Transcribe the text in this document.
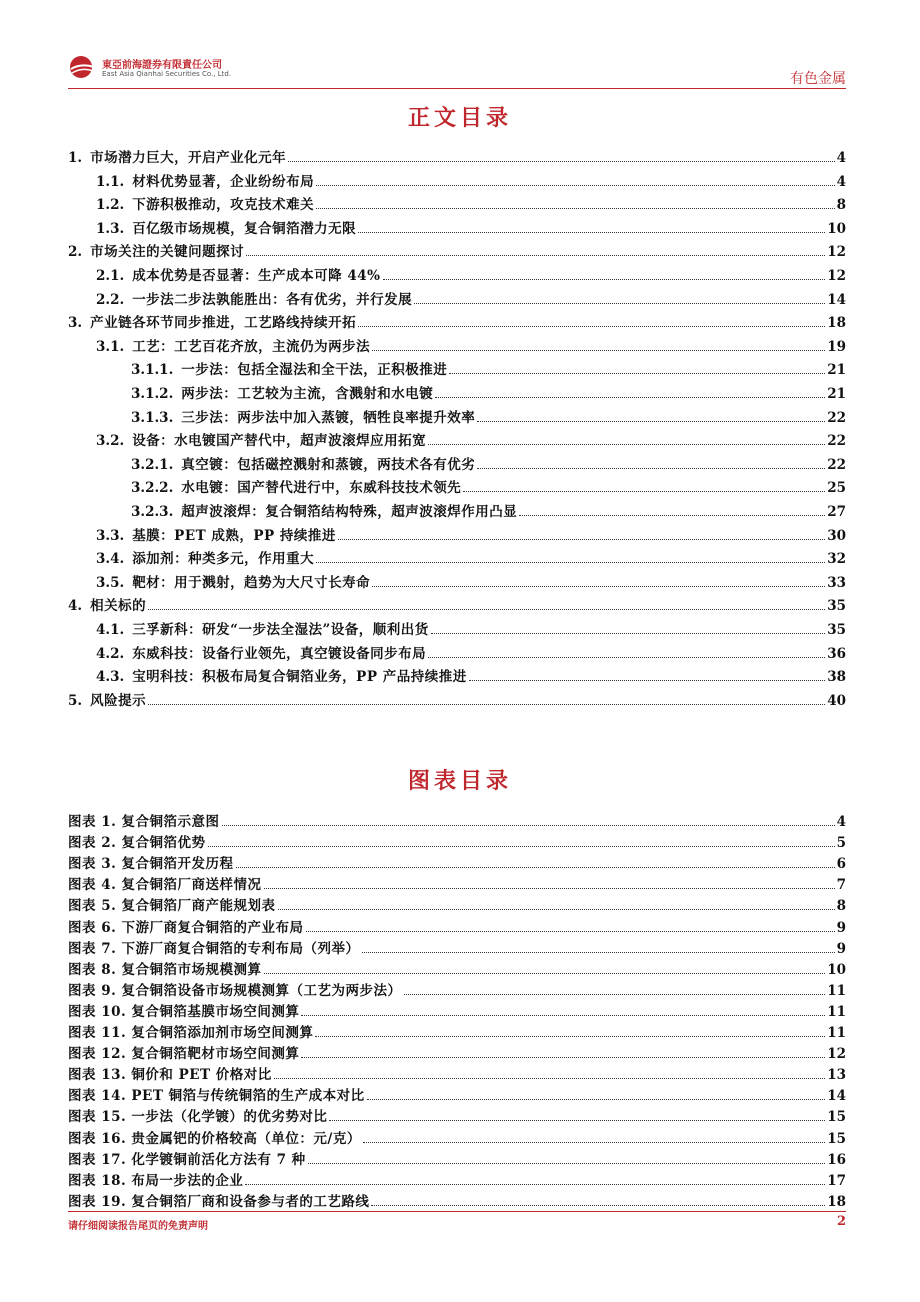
東亞前海證券有限責任公司
East Asia Qianhai Securities Co., Ltd.	有色金属
正文目录
1. 市场潜力巨大，开启产业化元年	4
1.1. 材料优势显著，企业纷纷布局	4
1.2. 下游积极推动，攻克技术难关	8
1.3. 百亿级市场规模，复合铜箔潜力无限	10
2. 市场关注的关键问题探讨	12
2.1. 成本优势是否显著：生产成本可降 44%	12
2.2. 一步法二步法孰能胜出：各有优劣，并行发展	14
3. 产业链各环节同步推进，工艺路线持续开拓	18
3.1. 工艺：工艺百花齐放，主流仍为两步法	19
3.1.1. 一步法：包括全湿法和全干法，正积极推进	21
3.1.2. 两步法：工艺较为主流，含溅射和水电镀	21
3.1.3. 三步法：两步法中加入蒸镀，牺牲良率提升效率	22
3.2. 设备：水电镀国产替代中，超声波滚焊应用拓宽	22
3.2.1. 真空镀：包括磁控溅射和蒸镀，两技术各有优劣	22
3.2.2. 水电镀：国产替代进行中，东威科技技术领先	25
3.2.3. 超声波滚焊：复合铜箔结构特殊，超声波滚焊作用凸显	27
3.3. 基膜：PET 成熟，PP 持续推进	30
3.4. 添加剂：种类多元，作用重大	32
3.5. 靶材：用于溅射，趋势为大尺寸长寿命	33
4. 相关标的	35
4.1. 三孚新科：研发“一步法全湿法”设备，顺利出货	35
4.2. 东威科技：设备行业领先，真空镀设备同步布局	36
4.3. 宝明科技：积极布局复合铜箔业务，PP 产品持续推进	38
5. 风险提示	40
图表目录
图表 1. 复合铜箔示意图	4
图表 2. 复合铜箔优势	5
图表 3. 复合铜箔开发历程	6
图表 4. 复合铜箔厂商送样情况	7
图表 5. 复合铜箔厂商产能规划表	8
图表 6. 下游厂商复合铜箔的产业布局	9
图表 7. 下游厂商复合铜箔的专利布局（列举）	9
图表 8. 复合铜箔市场规模测算	10
图表 9. 复合铜箔设备市场规模测算（工艺为两步法）	11
图表 10. 复合铜箔基膜市场空间测算	11
图表 11. 复合铜箔添加剂市场空间测算	11
图表 12. 复合铜箔靶材市场空间测算	12
图表 13. 铜价和 PET 价格对比	13
图表 14. PET 铜箔与传统铜箔的生产成本对比	14
图表 15. 一步法（化学镀）的优劣势对比	15
图表 16. 贵金属钯的价格较高（单位：元/克）	15
图表 17. 化学镀铜前活化方法有 7 种	16
图表 18. 布局一步法的企业	17
图表 19. 复合铜箔厂商和设备参与者的工艺路线	18
请仔细阅读报告尾页的免责声明	2
